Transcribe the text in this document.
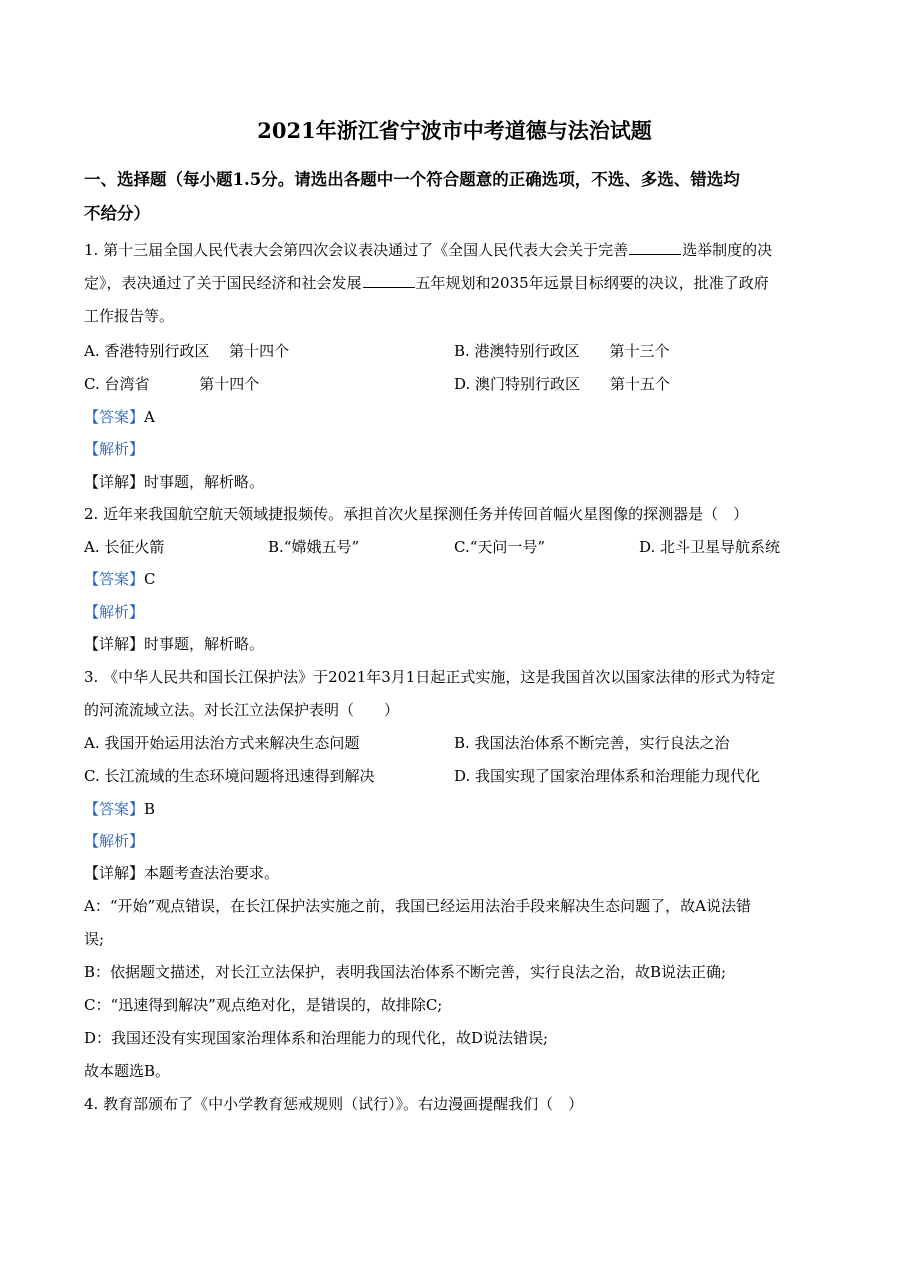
2021年浙江省宁波市中考道德与法治试题
一、选择题（每小题1.5分。请选出各题中一个符合题意的正确选项，不选、多选、错选均
不给分）
1. 第十三届全国人民代表大会第四次会议表决通过了《全国人民代表大会关于完善	选举制度的决
定》，表决通过了关于国民经济和社会发展	五年规划和2035年远景目标纲要的决议，批准了政府
工作报告等。
A. 香港特别行政区　 第十四个	B. 港澳特别行政区　　第十三个
C. 台湾省　　　 第十四个	D. 澳门特别行政区　　第十五个
【答案】A
【解析】
【详解】时事题，解析略。
2. 近年来我国航空航天领域捷报频传。承担首次火星探测任务并传回首幅火星图像的探测器是（　）
A. 长征火箭	B.“嫦娥五号”	C.“天问一号”	D. 北斗卫星导航系统
【答案】C
【解析】
【详解】时事题，解析略。
3. 《中华人民共和国长江保护法》于2021年3月1日起正式实施，这是我国首次以国家法律的形式为特定
的河流流域立法。对长江立法保护表明（　　）
A. 我国开始运用法治方式来解决生态问题	B. 我国法治体系不断完善，实行良法之治
C. 长江流域的生态环境问题将迅速得到解决	D. 我国实现了国家治理体系和治理能力现代化
【答案】B
【解析】
【详解】本题考查法治要求。
A：“开始”观点错误，在长江保护法实施之前，我国已经运用法治手段来解决生态问题了，故A说法错
误;
B：依据题文描述，对长江立法保护，表明我国法治体系不断完善，实行良法之治，故B说法正确;
C：“迅速得到解决”观点绝对化，是错误的，故排除C;
D：我国还没有实现国家治理体系和治理能力的现代化，故D说法错误;
故本题选B。
4. 教育部颁布了《中小学教育惩戒规则（试行）》。右边漫画提醒我们（　）
